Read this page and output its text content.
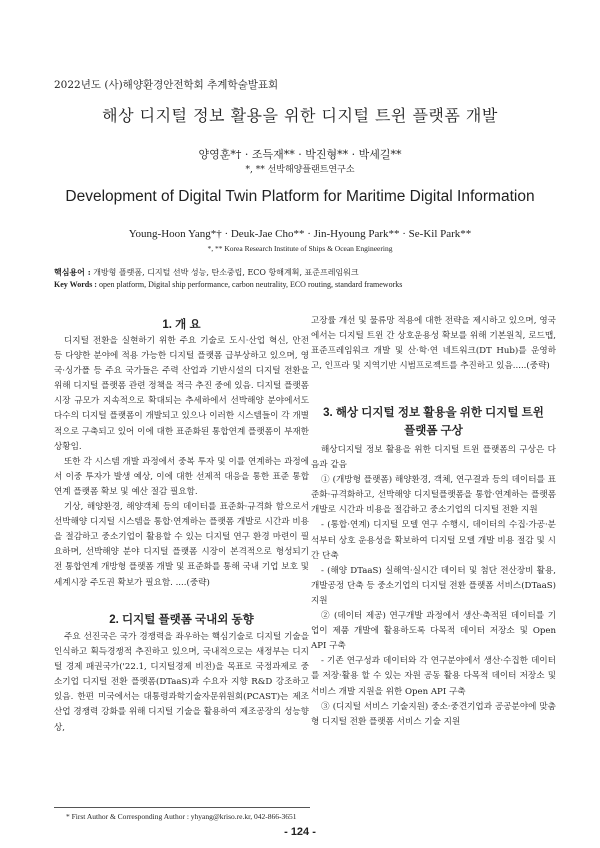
2022년도 (사)해양환경안전학회 추계학술발표회
해상 디지털 정보 활용을 위한 디지털 트윈 플랫폼 개발
양영훈*† · 조득재** · 박진형** · 박세길**
*, ** 선박해양플랜트연구소
Development of Digital Twin Platform for Maritime Digital Information
Young-Hoon Yang*† · Deuk-Jae Cho** · Jin-Hyoung Park** · Se-Kil Park**
*, ** Korea Research Institute of Ships & Ocean Engineering
핵심용어 : 개방형 플랫폼, 디지털 선박 성능, 탄소중립, ECO 항해계획, 표준프레임워크
Key Words : open platform, Digital ship performance, carbon neutrality, ECO routing, standard frameworks
1. 개 요

디지털 전환을 실현하기 위한 주요 기술로 도시·산업 혁신, 안전 등 다양한 분야에 적용 가능한 디지털 플랫폼 급부상하고 있으며, 영국·싱가폴 등 주요 국가들은 주력 산업과 기반시설의 디지털 전환을 위해 디지털 플랫폼 관련 정책을 적극 추진 중에 있음. 디지털 플랫폼 시장 규모가 지속적으로 확대되는 추세하에서 선박해양 분야에서도 다수의 디지털 플랫폼이 개발되고 있으나 이러한 시스템들이 각 개별적으로 구축되고 있어 이에 대한 표준화된 통합연계 플랫폼이 부재한 상황임.

또한 각 시스템 개발 과정에서 중복 투자 및 이를 연계하는 과정에서 이중 투자가 발생 예상, 이에 대한 선제적 대응을 통한 표준 통합연계 플랫폼 확보 및 예산 절감 필요함.

기상, 해양환경, 해양객체 등의 데이터를 표준화·규격화 함으로서 선박해양 디지털 시스템을 통합·연계하는 플랫폼 개발로 시간과 비용을 절감하고 중소기업이 활용할 수 있는 디지털 연구 환경 마련이 필요하며, 선박해양 분야 디지털 플랫폼 시장이 본격적으로 형성되기 전 통합연계 개방형 플랫폼 개발 및 표준화를 통해 국내 기업 보호 및 세계시장 주도권 확보가 필요함. ....(중략)

2. 디지털 플랫폼 국내외 동향

주요 선진국은 국가 경쟁력을 좌우하는 핵심기술로 디지털 기술을 인식하고 획득경쟁적 추진하고 있으며, 국내적으로는 새정부는 디지털 경제 패권국가('22.1, 디지털경제 비전)을 목표로 국정과제로 중소기업 디지털 전환 플랫폼(DTaaS)과 수요자 지향 R&D 강조하고 있음. 한편 미국에서는 대통령과학기술자문위원회(PCAST)는 제조산업 경쟁력 강화를 위해 디지털 기술을 활용하여 제조공장의 성능향상,

* First Author & Corresponding Author : yhyang@kriso.re.kr, 042-866-3651

고장률 개선 및 물류망 적용에 대한 전략을 제시하고 있으며, 영국에서는 디지털 트윈 간 상호운용성 확보를 위해 기본원칙, 로드맵, 표준프레임워크 개발 및 산·학·연 네트워크(DT Hub)를 운영하고, 인프라 및 지역기반 시범프로젝트를 추진하고 있음.....(중략)

3. 해상 디지털 정보 활용을 위한 디지털 트윈
플랫폼 구상

해상디지털 정보 활용을 위한 디지털 트윈 플랫폼의 구상은 다음과 같음

① (개방형 플랫폼) 해양환경, 객체, 연구결과 등의 데이터를 표준화·규격화하고, 선박해양 디지털플랫폼을 통합·연계하는 플랫폼 개발로 시간과 비용을 절감하고 중소기업의 디지털 전환 지원

- (통합·연계) 디지털 모델 연구 수행시, 데이터의 수집·가공·분석부터 상호 운용성을 확보하여 디지털 모델 개발 비용 절감 및 시간 단축

- (해양 DTaaS) 실해역·실시간 데이터 및 첨단 전산장비 활용, 개발공정 단축 등 중소기업의 디지털 전환 플랫폼 서비스(DTaaS) 지원

② (데이터 제공) 연구개발 과정에서 생산·축적된 데이터를 기업이 제품 개발에 활용하도록 다목적 데이터 저장소 및 Open API 구축

- 기존 연구성과 데이터와 각 연구분야에서 생산·수집한 데이터를 저장·활용 할 수 있는 자원 공동 활용 다목적 데이터 저장소 및 서비스 개발 지원을 위한 Open API 구축

③ (디지털 서비스 기술지원) 중소·중견기업과 공공분야에 맞춤형 디지털 전환 플랫폼 서비스 기술 지원

- 124 -
